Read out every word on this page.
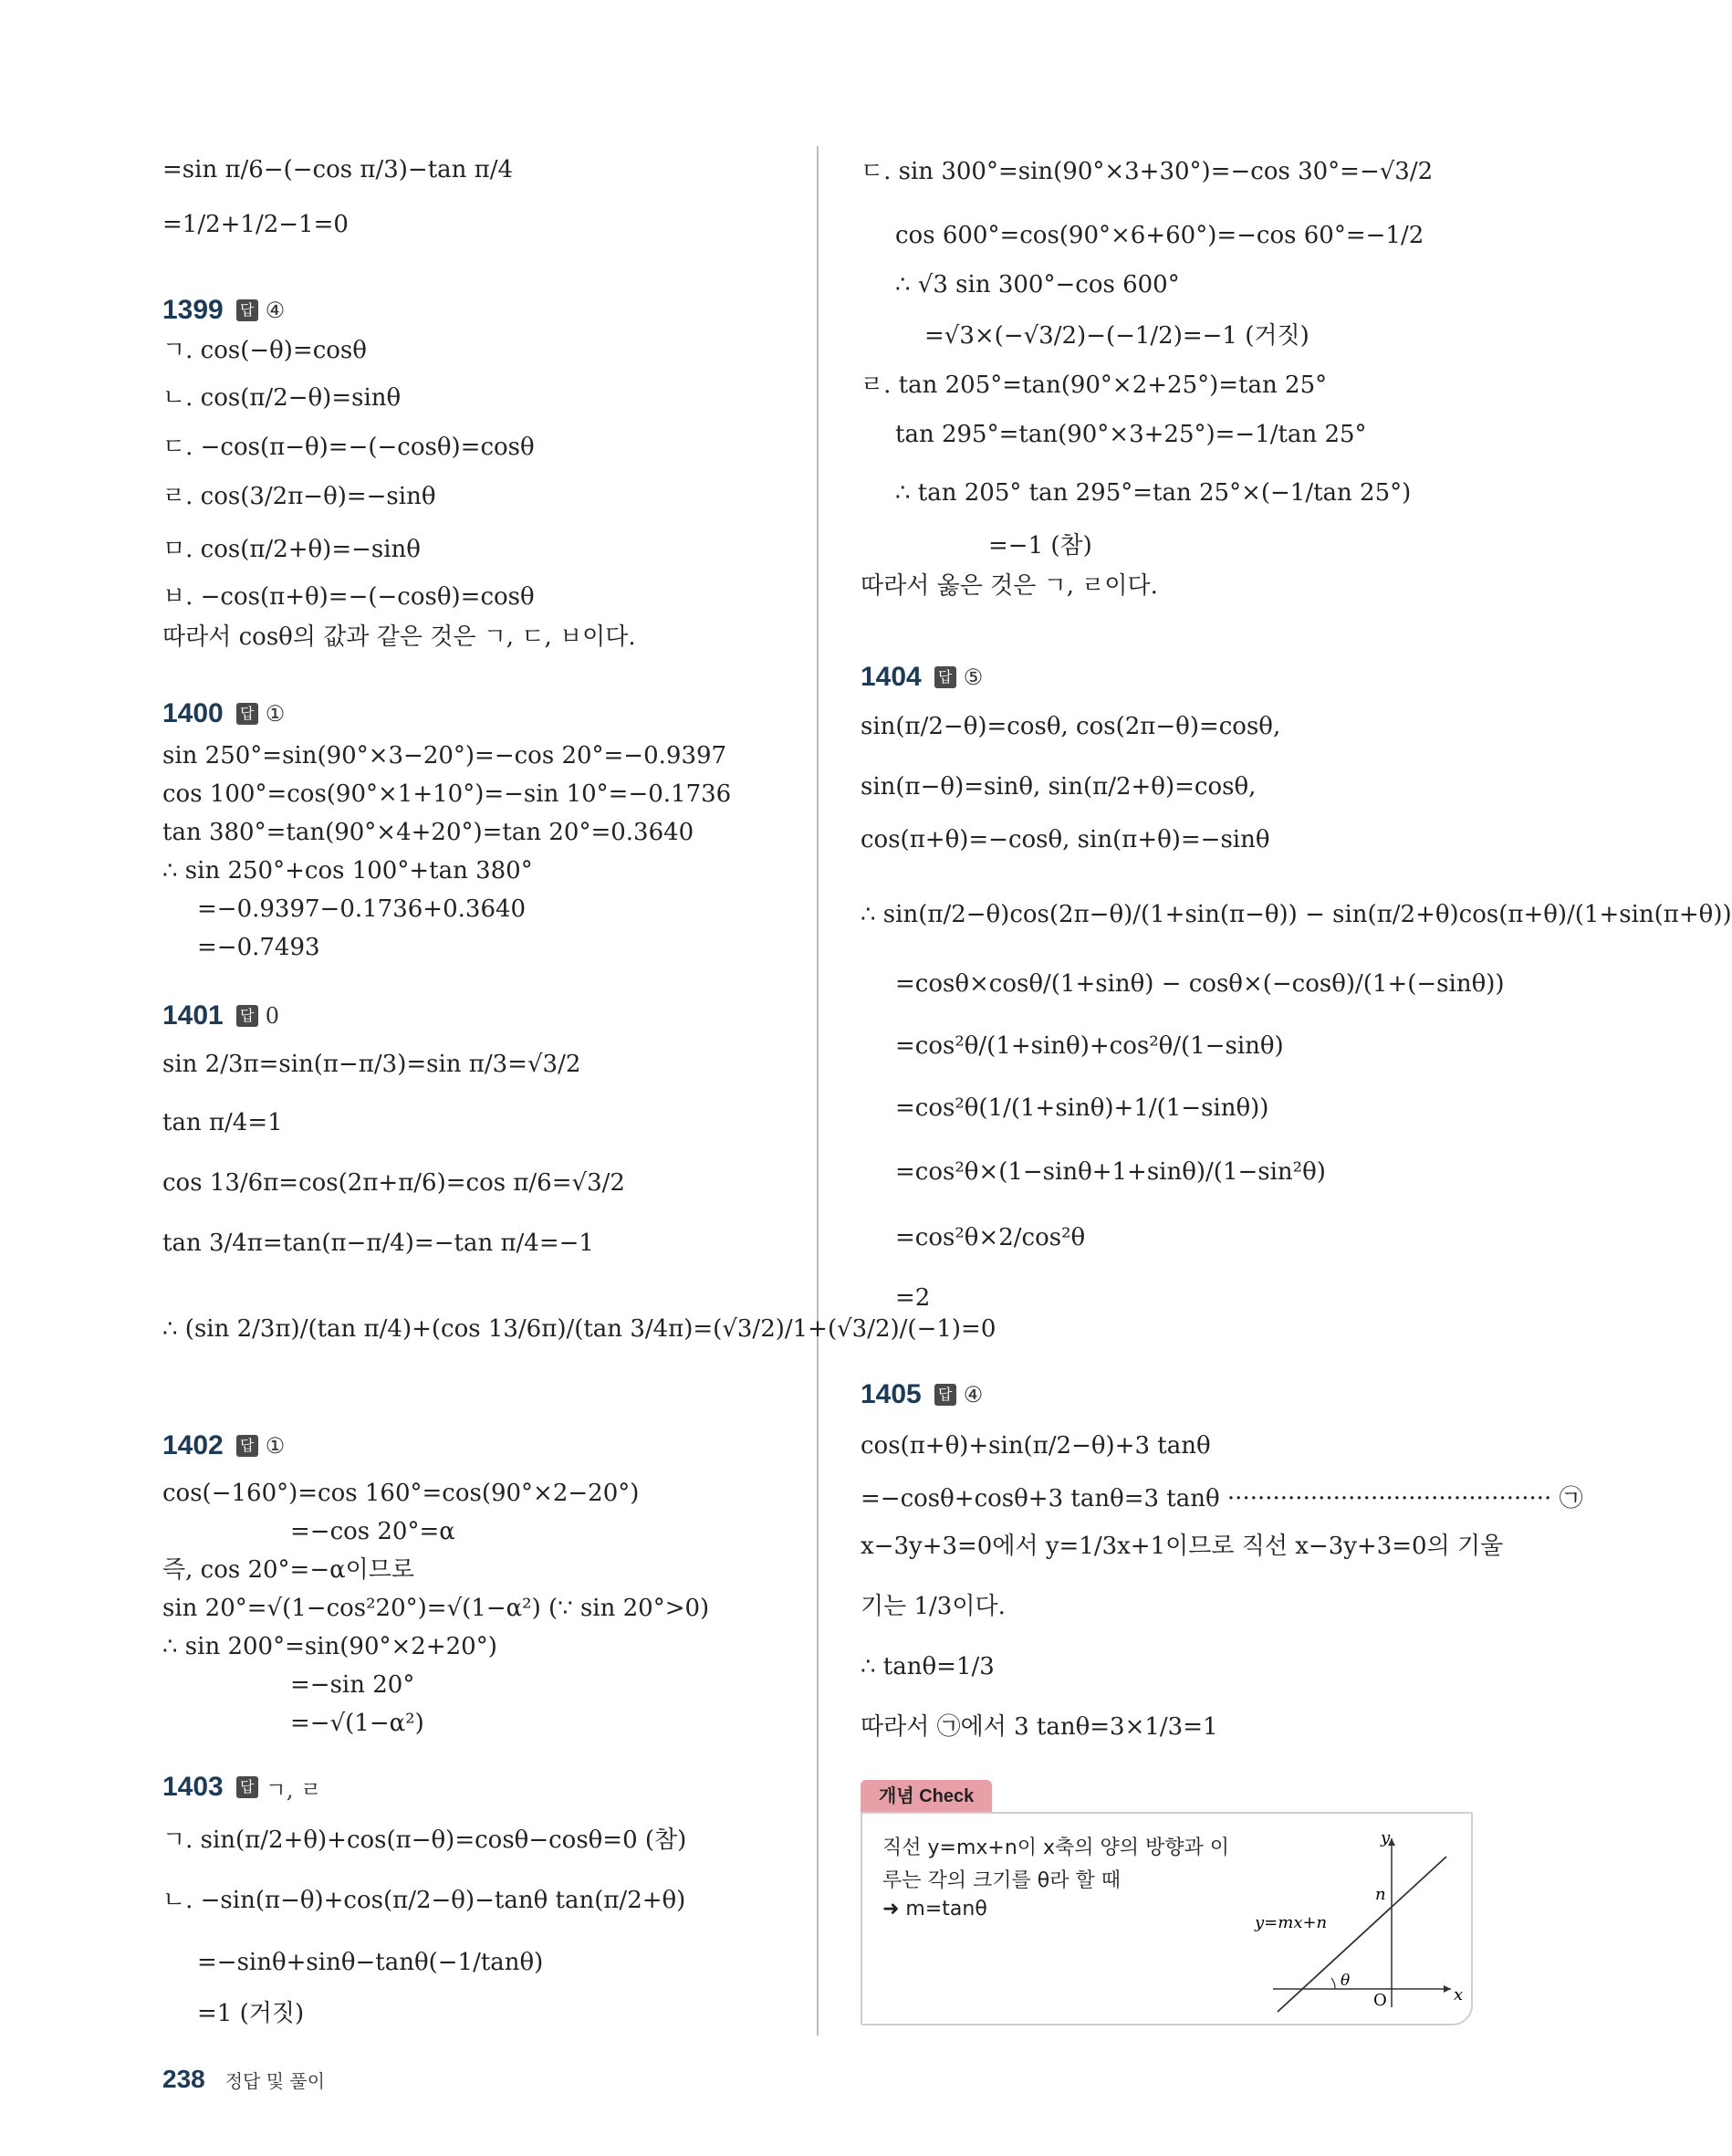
=sin π/6−(−cos π/3)−tan π/4
=1/2+1/2−1=0
1399 답 ④
ㄱ. cos(−θ)=cosθ
ㄴ. cos(π/2−θ)=sinθ
ㄷ. −cos(π−θ)=−(−cosθ)=cosθ
ㄹ. cos(3/2π−θ)=−sinθ
ㅁ. cos(π/2+θ)=−sinθ
ㅂ. −cos(π+θ)=−(−cosθ)=cosθ
따라서 cosθ의 값과 같은 것은 ㄱ, ㄷ, ㅂ이다.
1400 답 ①
sin 250°=sin(90°×3−20°)=−cos 20°=−0.9397
cos 100°=cos(90°×1+10°)=−sin 10°=−0.1736
tan 380°=tan(90°×4+20°)=tan 20°=0.3640
∴ sin 250°+cos 100°+tan 380°
=−0.9397−0.1736+0.3640
=−0.7493
1401 답 0
sin 2/3π=sin(π−π/3)=sin π/3=√3/2
tan π/4=1
cos 13/6π=cos(2π+π/6)=cos π/6=√3/2
tan 3/4π=tan(π−π/4)=−tan π/4=−1
∴ (sin 2/3π)/(tan π/4)+(cos 13/6π)/(tan 3/4π)=(√3/2)/1+(√3/2)/(−1)=0
1402 답 ①
cos(−160°)=cos 160°=cos(90°×2−20°)
=−cos 20°=α
즉, cos 20°=−α이므로
sin 20°=√(1−cos²20°)=√(1−α²) (∵ sin 20°>0)
∴ sin 200°=sin(90°×2+20°)
=−sin 20°
=−√(1−α²)
1403 답 ㄱ, ㄹ
ㄱ. sin(π/2+θ)+cos(π−θ)=cosθ−cosθ=0 (참)
ㄴ. −sin(π−θ)+cos(π/2−θ)−tanθ tan(π/2+θ)
=−sinθ+sinθ−tanθ(−1/tanθ)
=1 (거짓)
ㄷ. sin 300°=sin(90°×3+30°)=−cos 30°=−√3/2
cos 600°=cos(90°×6+60°)=−cos 60°=−1/2
∴ √3 sin 300°−cos 600°
=√3×(−√3/2)−(−1/2)=−1 (거짓)
ㄹ. tan 205°=tan(90°×2+25°)=tan 25°
tan 295°=tan(90°×3+25°)=−1/tan 25°
∴ tan 205° tan 295°=tan 25°×(−1/tan 25°)
=−1 (참)
따라서 옳은 것은 ㄱ, ㄹ이다.
1404 답 ⑤
sin(π/2−θ)=cosθ, cos(2π−θ)=cosθ,
sin(π−θ)=sinθ, sin(π/2+θ)=cosθ,
cos(π+θ)=−cosθ, sin(π+θ)=−sinθ
∴ sin(π/2−θ)cos(2π−θ)/(1+sin(π−θ)) − sin(π/2+θ)cos(π+θ)/(1+sin(π+θ))
=cosθ×cosθ/(1+sinθ) − cosθ×(−cosθ)/(1+(−sinθ))
=cos²θ/(1+sinθ)+cos²θ/(1−sinθ)
=cos²θ(1/(1+sinθ)+1/(1−sinθ))
=cos²θ×(1−sinθ+1+sinθ)/(1−sin²θ)
=cos²θ×2/cos²θ
=2
1405 답 ④
cos(π+θ)+sin(π/2−θ)+3 tanθ
=−cosθ+cosθ+3 tanθ=3 tanθ ··········································· ㉠
x−3y+3=0에서 y=1/3x+1이므로 직선 x−3y+3=0의 기울
기는 1/3이다.
∴ tanθ=1/3
따라서 ㉠에서 3 tanθ=3×1/3=1
개념 Check
직선 y=mx+n이 x축의 양의 방향과 이
루는 각의 크기를 θ라 할 때
➜ m=tanθ
x
y
O
n
θ
y=mx+n
238 정답 및 풀이
